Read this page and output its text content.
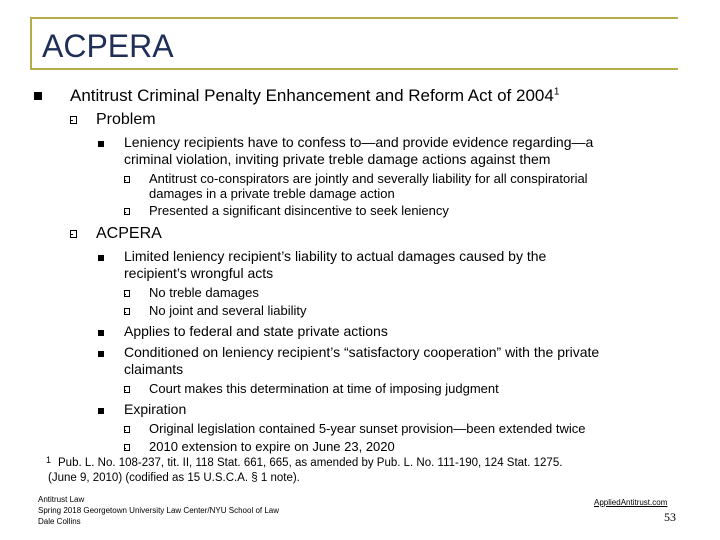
ACPERA
Antitrust Criminal Penalty Enhancement and Reform Act of 2004$^1$
Problem
Leniency recipients have to confess to—and provide evidence regarding—a
criminal violation, inviting private treble damage actions against them
Antitrust co-conspirators are jointly and severally liability for all conspiratorial
damages in a private treble damage action
Presented a significant disincentive to seek leniency
ACPERA
Limited leniency recipient’s liability to actual damages caused by the
recipient’s wrongful acts
No treble damages
No joint and several liability
Applies to federal and state private actions
Conditioned on leniency recipient’s “satisfactory cooperation” with the private
claimants
Court makes this determination at time of imposing judgment
Expiration
Original legislation contained 5-year sunset provision—been extended twice
2010 extension to expire on June 23, 2020
1 Pub. L. No. 108-237, tit. II, 118 Stat. 661, 665, as amended by Pub. L. No. 111-190, 124 Stat. 1275.
(June 9, 2010) (codified as 15 U.S.C.A. § 1 note).
Antitrust Law
Spring 2018 Georgetown University Law Center/NYU School of Law
Dale Collins
AppliedAntitrust.com
53
